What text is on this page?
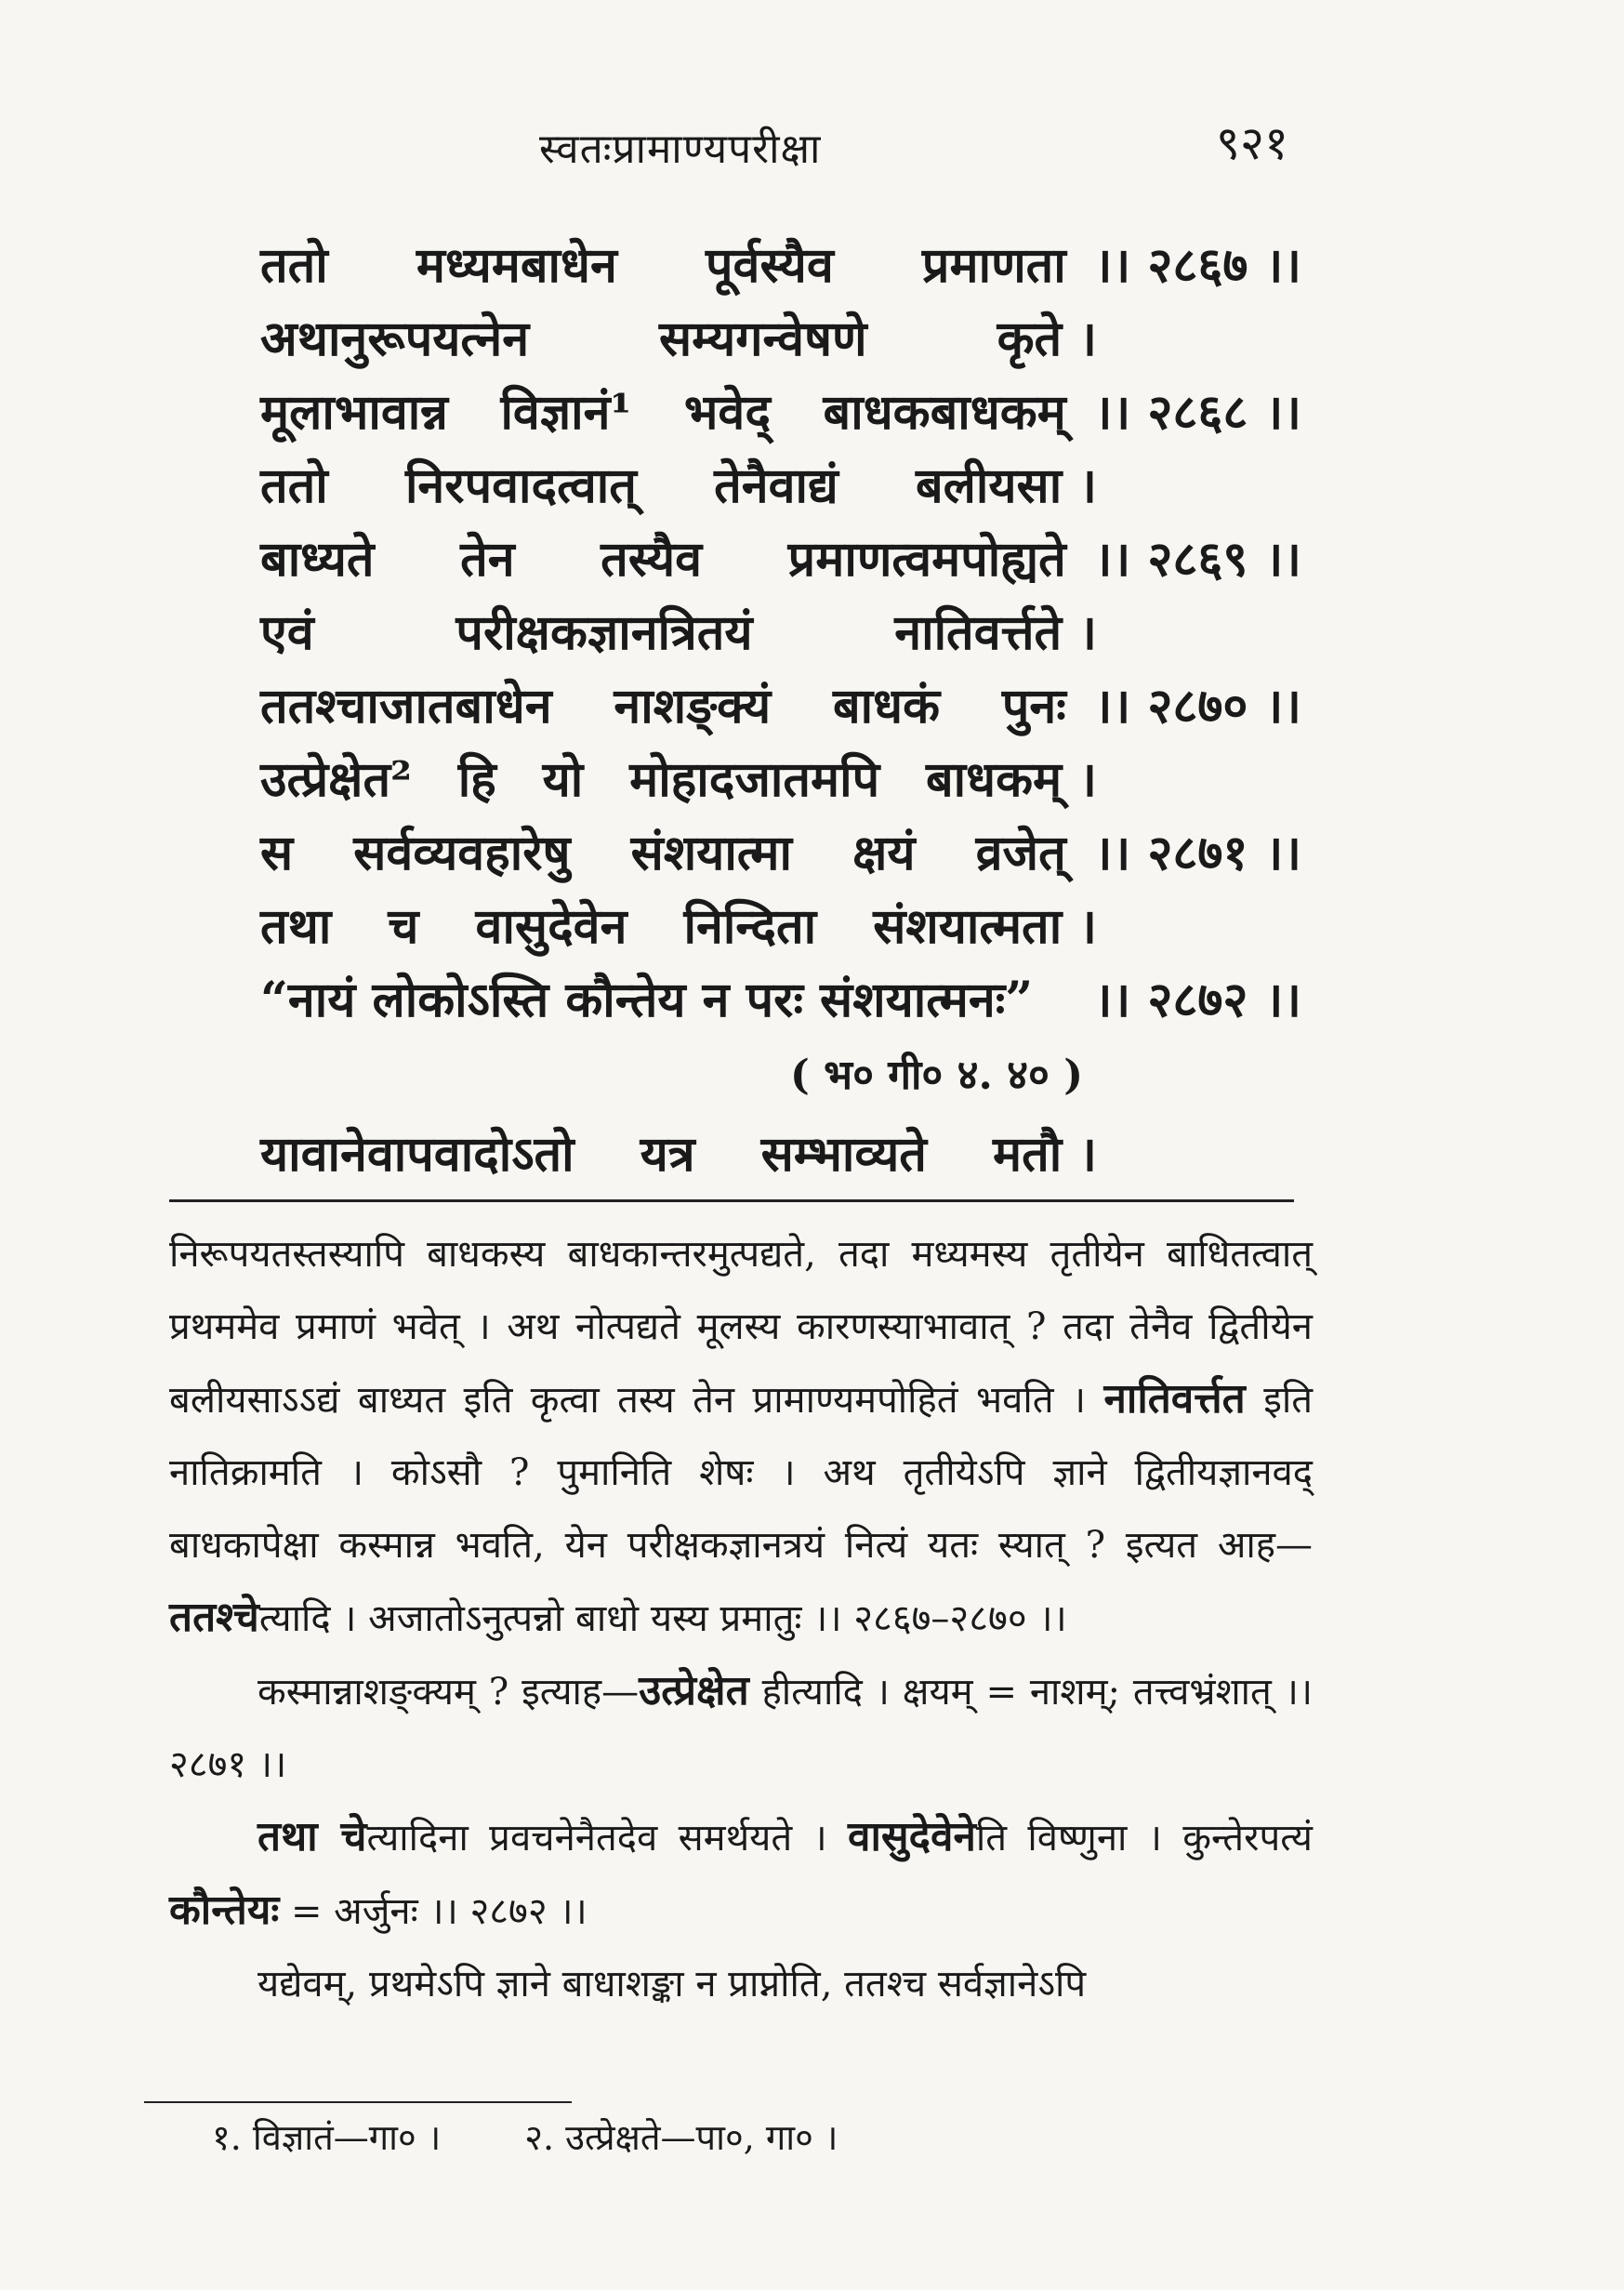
स्वतःप्रामाण्यपरीक्षा	९२१
ततो मध्यमबाधेन पूर्वस्यैव प्रमाणता ।। २८६७ ।।
अथानुरूपयत्नेन	सम्यगन्वेषणे	कृते ।
मूलाभावान्न विज्ञानं¹ भवेद् बाधकबाधकम् ।। २८६८ ।।
ततो निरपवादत्वात् तेनैवाद्यं बलीयसा ।
बाध्यते तेन तस्यैव प्रमाणत्वमपोह्यते ।। २८६९ ।।
एवं	परीक्षकज्ञानत्रितयं	नातिवर्त्तते ।
ततश्चाजातबाधेन नाशङ्क्यं बाधकं पुनः ।। २८७० ।।
उत्प्रेक्षेत² हि यो मोहादजातमपि बाधकम् ।
स सर्वव्यवहारेषु संशयात्मा क्षयं व्रजेत् ।। २८७१ ।।
तथा च वासुदेवेन निन्दिता संशयात्मता ।
“नायं लोकोऽस्ति कौन्तेय न परः संशयात्मनः” ।। २८७२ ।।
( भ० गी० ४. ४० )
यावानेवापवादोऽतो यत्र सम्भाव्यते मतौ ।

निरूपयतस्तस्यापि बाधकस्य बाधकान्तरमुत्पद्यते, तदा मध्यमस्य तृतीयेन बाधितत्वात् प्रथममेव प्रमाणं भवेत् । अथ नोत्पद्यते मूलस्य कारणस्याभावात् ? तदा तेनैव द्वितीयेन बलीयसाऽऽद्यं बाध्यत इति कृत्वा तस्य तेन प्रामाण्यमपोहितं भवति । नातिवर्त्तत इति नातिक्रामति । कोऽसौ ? पुमानिति शेषः । अथ तृतीयेऽपि ज्ञाने द्वितीयज्ञानवद् बाधकापेक्षा कस्मान्न भवति, येन परीक्षकज्ञानत्रयं नित्यं यतः स्यात् ? इत्यत आह—ततश्चेत्यादि । अजातोऽनुत्पन्नो बाधो यस्य प्रमातुः ।। २८६७–२८७० ।।

कस्मान्नाशङ्क्यम् ? इत्याह—उत्प्रेक्षेत हीत्यादि । क्षयम् = नाशम्; तत्त्वभ्रंशात् ।। २८७१ ।।

तथा चेत्यादिना प्रवचनेनैतदेव समर्थयते । वासुदेवेनेति विष्णुना । कुन्तेरपत्यं कौन्तेयः = अर्जुनः ।। २८७२ ।।

यद्येवम्, प्रथमेऽपि ज्ञाने बाधाशङ्का न प्राप्नोति, ततश्च सर्वज्ञानेऽपि

१. विज्ञातं—गा० । २. उत्प्रेक्षते—पा०, गा० ।
